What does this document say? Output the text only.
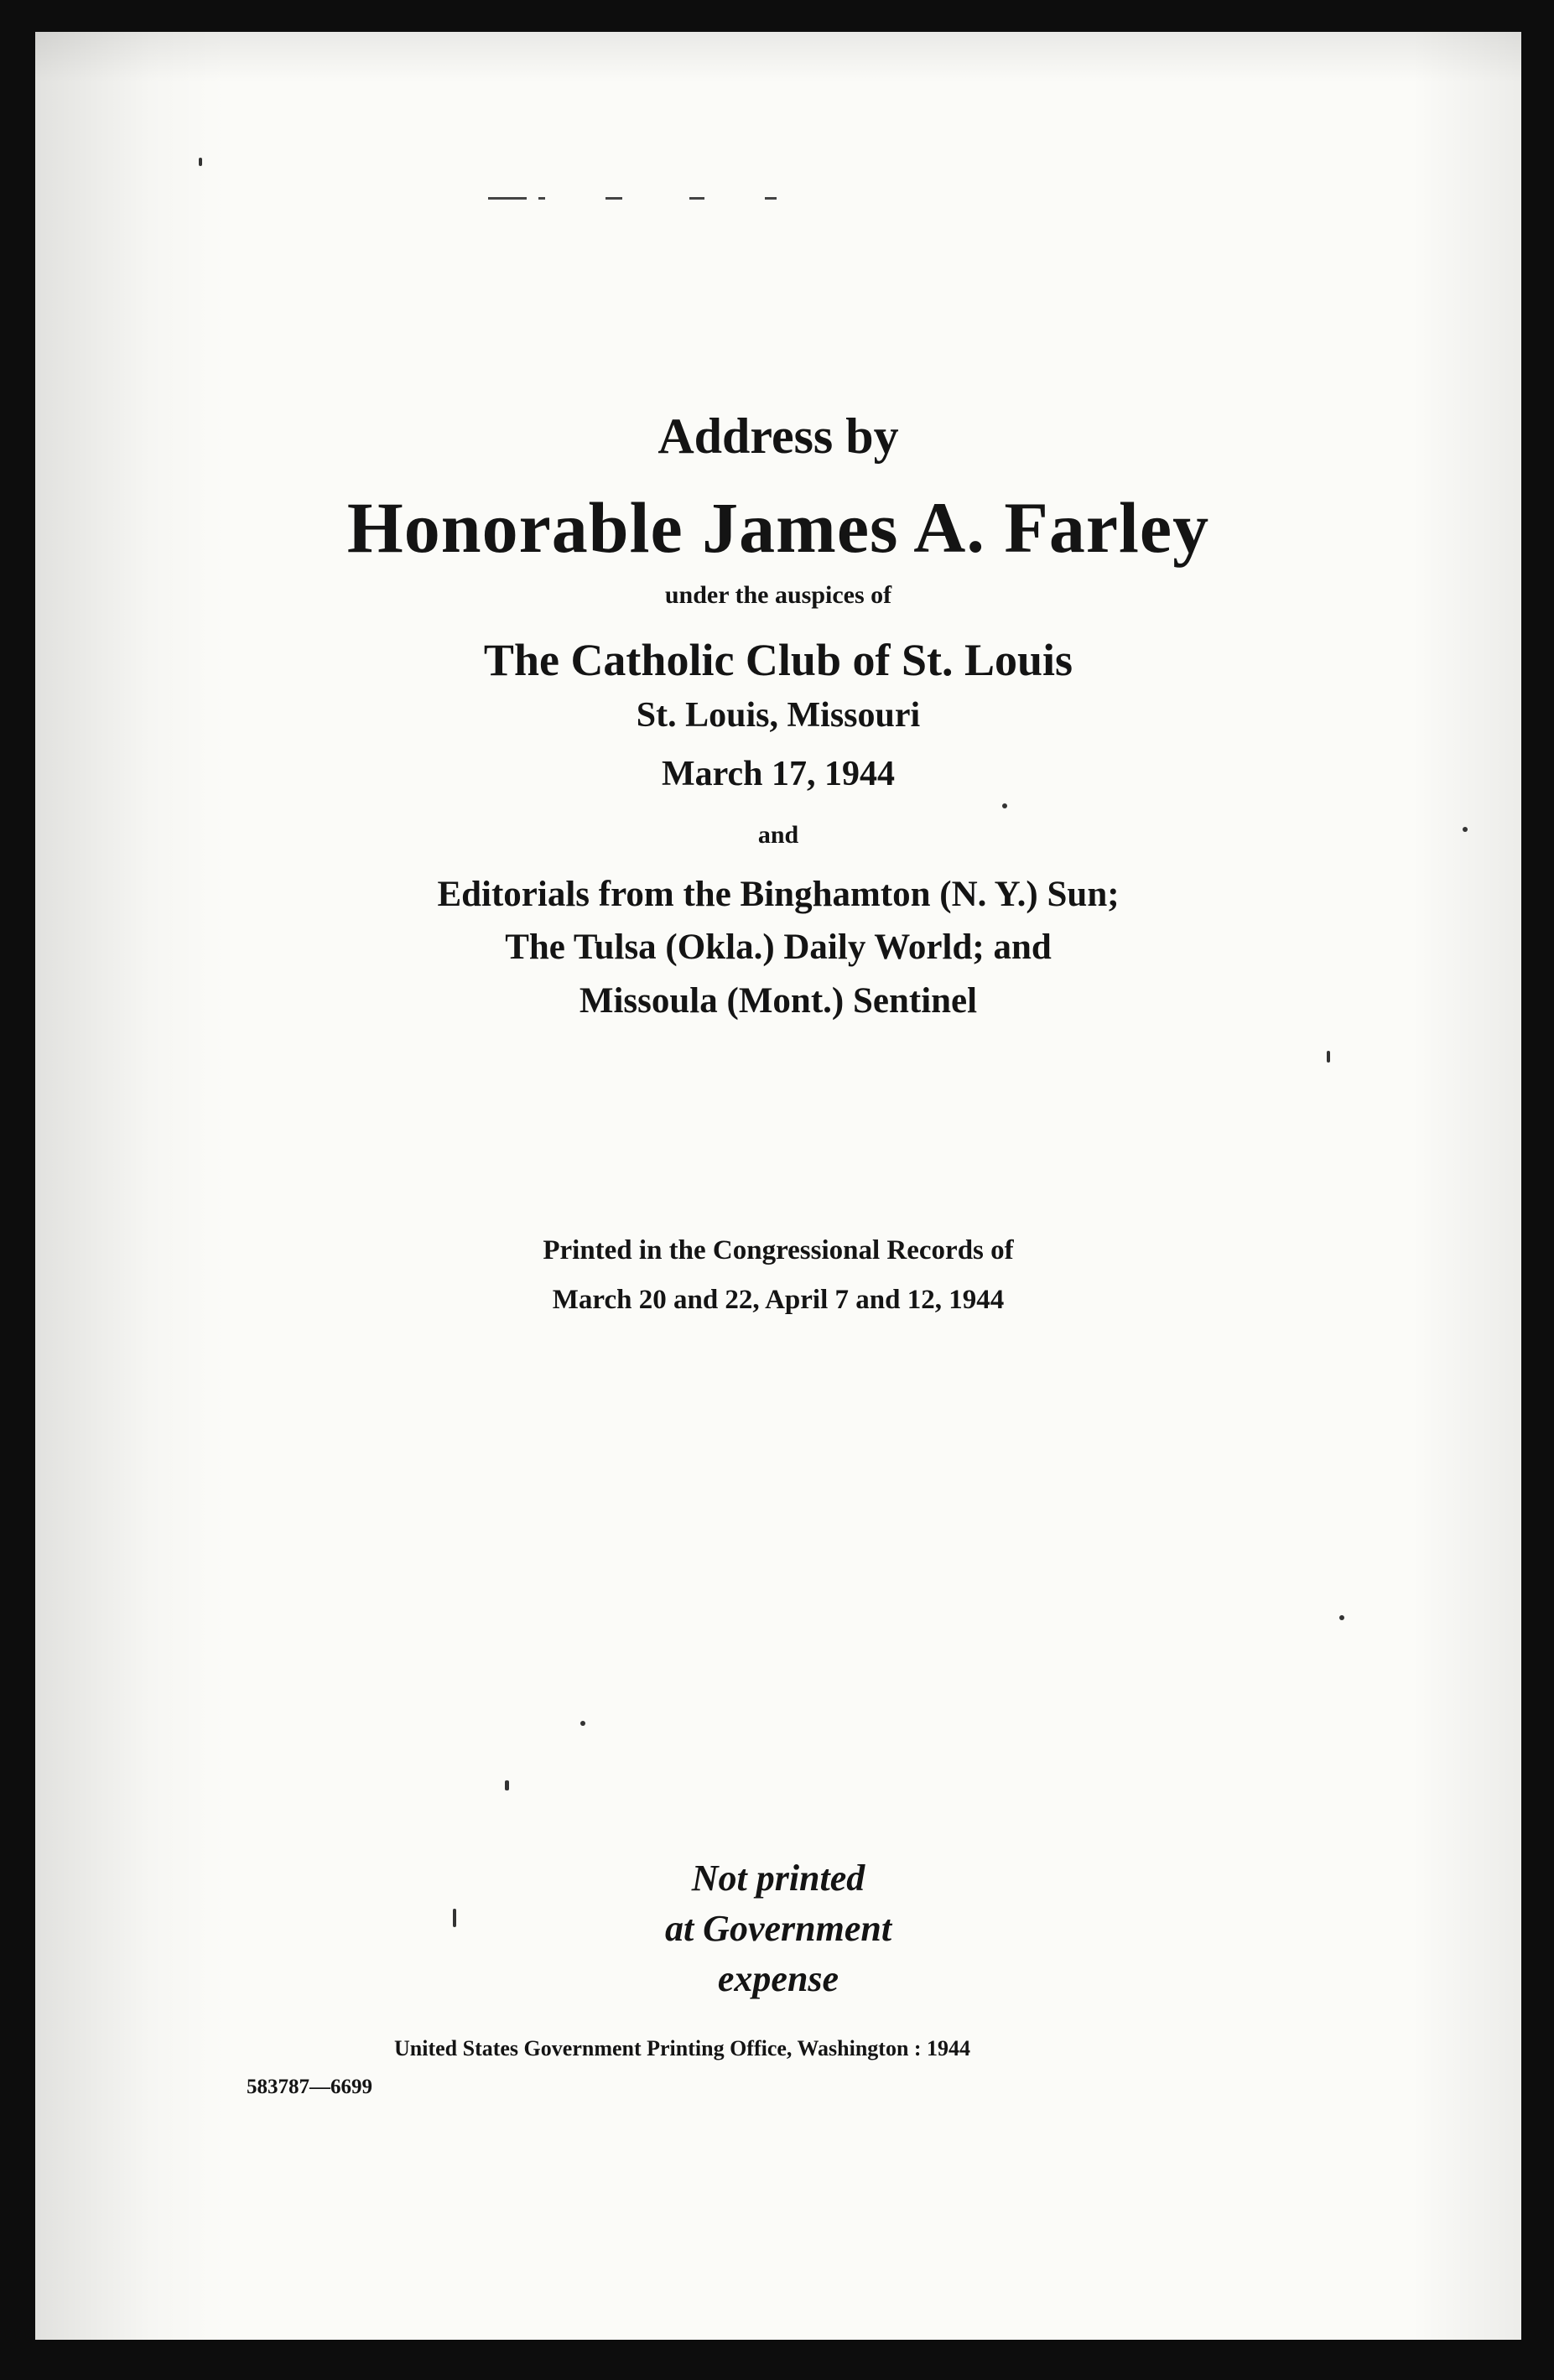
Address by

Honorable James A. Farley

under the auspices of

The Catholic Club of St. Louis

St. Louis, Missouri

March 17, 1944

and

Editorials from the Binghamton (N. Y.) Sun;

The Tulsa (Okla.) Daily World; and

Missoula (Mont.) Sentinel

Printed in the Congressional Records of

March 20 and 22, April 7 and 12, 1944

Not printed

at Government

expense

United States Government Printing Office, Washington : 1944

583787—6699
